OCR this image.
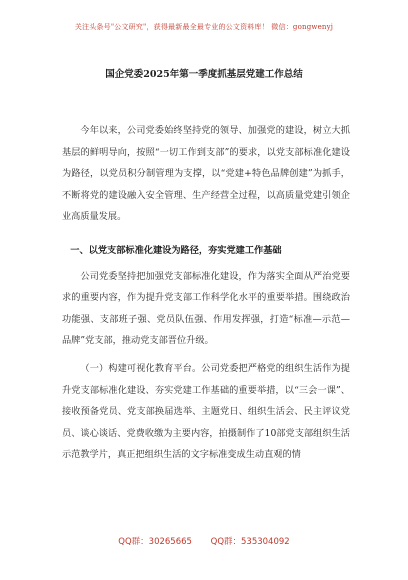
关注头条号"公文研究"，获得最新最全最专业的公文资料库！ 微信：gongwenyj
国企党委2025年第一季度抓基层党建工作总结

今年以来，公司党委始终坚持党的领导、加强党的建设，树立大抓基层的鲜明导向，按照“一切工作到支部”的要求，以党支部标准化建设为路径，以党员积分制管理为支撑，以“党建+特色品牌创建”为抓手，不断将党的建设融入安全管理、生产经营全过程，以高质量党建引领企业高质量发展。

一、以党支部标准化建设为路径，夯实党建工作基础

公司党委坚持把加强党支部标准化建设，作为落实全面从严治党要求的重要内容，作为提升党支部工作科学化水平的重要举措。围绕政治功能强、支部班子强、党员队伍强、作用发挥强，打造“标准—示范—品牌”党支部，推动党支部晋位升级。

（一）构建可视化教育平台。公司党委把严格党的组织生活作为提升党支部标准化建设、夯实党建工作基础的重要举措，以“三会一课”、接收预备党员、党支部换届选举、主题党日、组织生活会、民主评议党员、谈心谈话、党费收缴为主要内容，拍摄制作了10部党支部组织生活示范教学片，真正把组织生活的文字标准变成生动直观的情

QQ群：30265665 QQ群：535304092
